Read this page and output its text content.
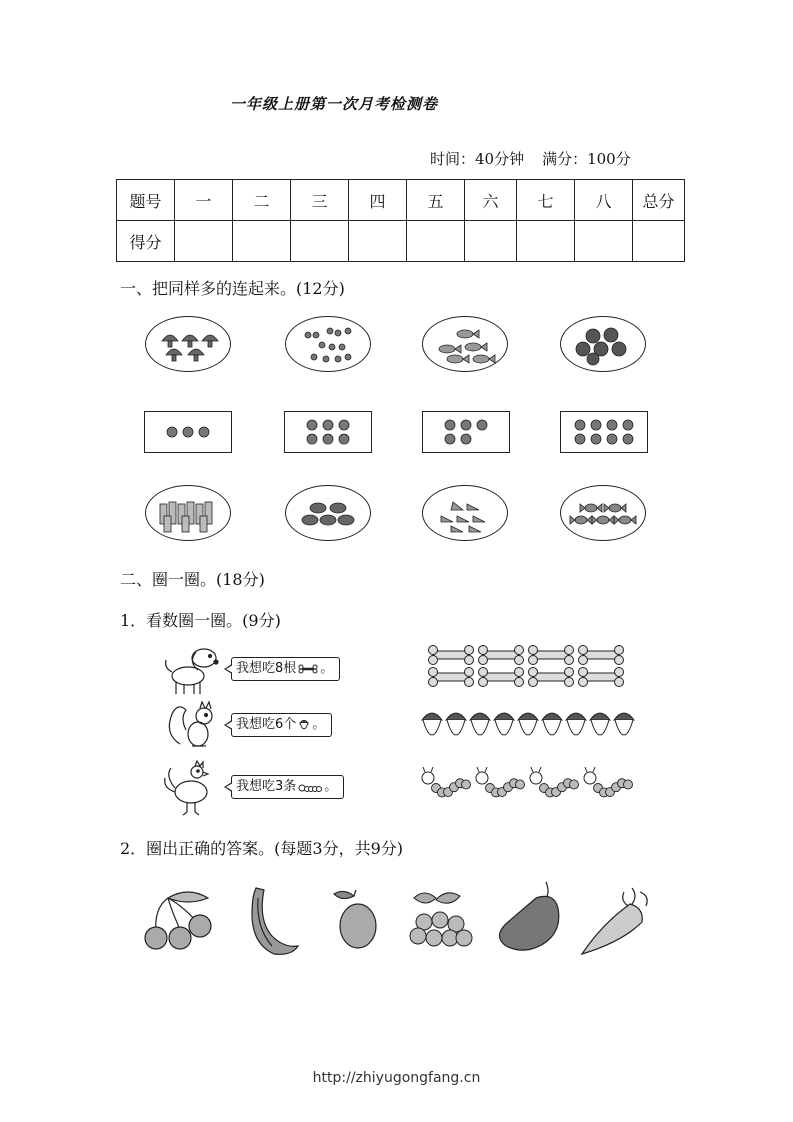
一年级上册第一次月考检测卷
时间：40分钟 满分：100分
题号	一	二	三	四	五	六	七	八	总分
得分									
一、把同样多的连起来。(12分)
二、圈一圈。(18分)
1．看数圈一圈。(9分)
我想吃8根 。
我想吃6个 。
我想吃3条 。
2．圈出正确的答案。(每题3分，共9分)
http://zhiyugongfang.cn
